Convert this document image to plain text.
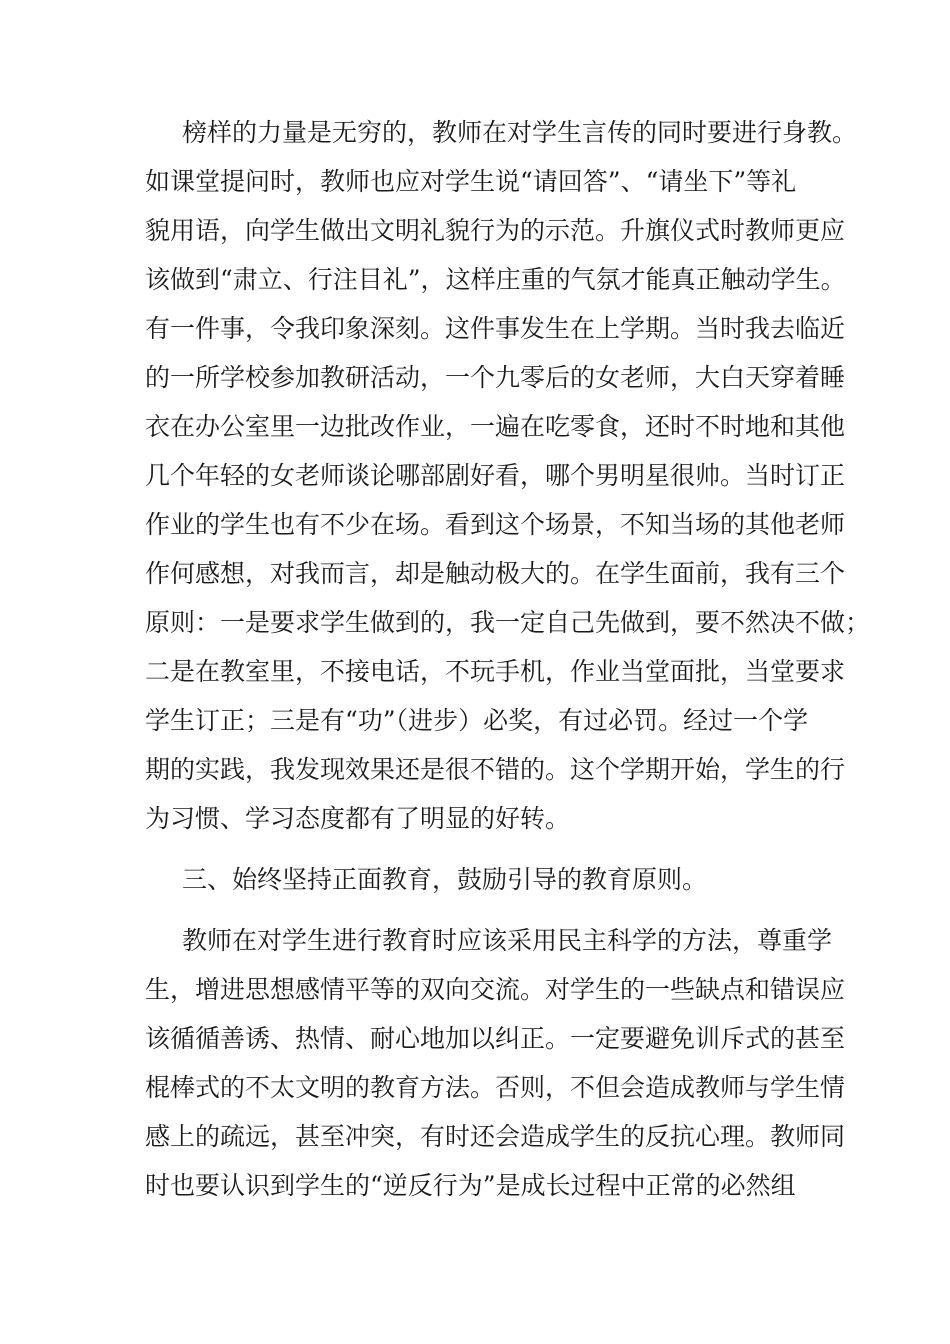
榜样的力量是无穷的，教师在对学生言传的同时要进行身教。
如课堂提问时，教师也应对学生说“请回答”、“请坐下”等礼
貌用语，向学生做出文明礼貌行为的示范。升旗仪式时教师更应
该做到“肃立、行注目礼”，这样庄重的气氛才能真正触动学生。
有一件事，令我印象深刻。这件事发生在上学期。当时我去临近
的一所学校参加教研活动，一个九零后的女老师，大白天穿着睡
衣在办公室里一边批改作业，一遍在吃零食，还时不时地和其他
几个年轻的女老师谈论哪部剧好看，哪个男明星很帅。当时订正
作业的学生也有不少在场。看到这个场景，不知当场的其他老师
作何感想，对我而言，却是触动极大的。在学生面前，我有三个
原则：一是要求学生做到的，我一定自己先做到，要不然决不做；
二是在教室里，不接电话，不玩手机，作业当堂面批，当堂要求
学生订正；三是有“功”（进步）必奖，有过必罚。经过一个学
期的实践，我发现效果还是很不错的。这个学期开始，学生的行
为习惯、学习态度都有了明显的好转。
三、始终坚持正面教育，鼓励引导的教育原则。
教师在对学生进行教育时应该采用民主科学的方法，尊重学
生，增进思想感情平等的双向交流。对学生的一些缺点和错误应
该循循善诱、热情、耐心地加以纠正。一定要避免训斥式的甚至
棍棒式的不太文明的教育方法。否则，不但会造成教师与学生情
感上的疏远，甚至冲突，有时还会造成学生的反抗心理。教师同
时也要认识到学生的“逆反行为”是成长过程中正常的必然组
